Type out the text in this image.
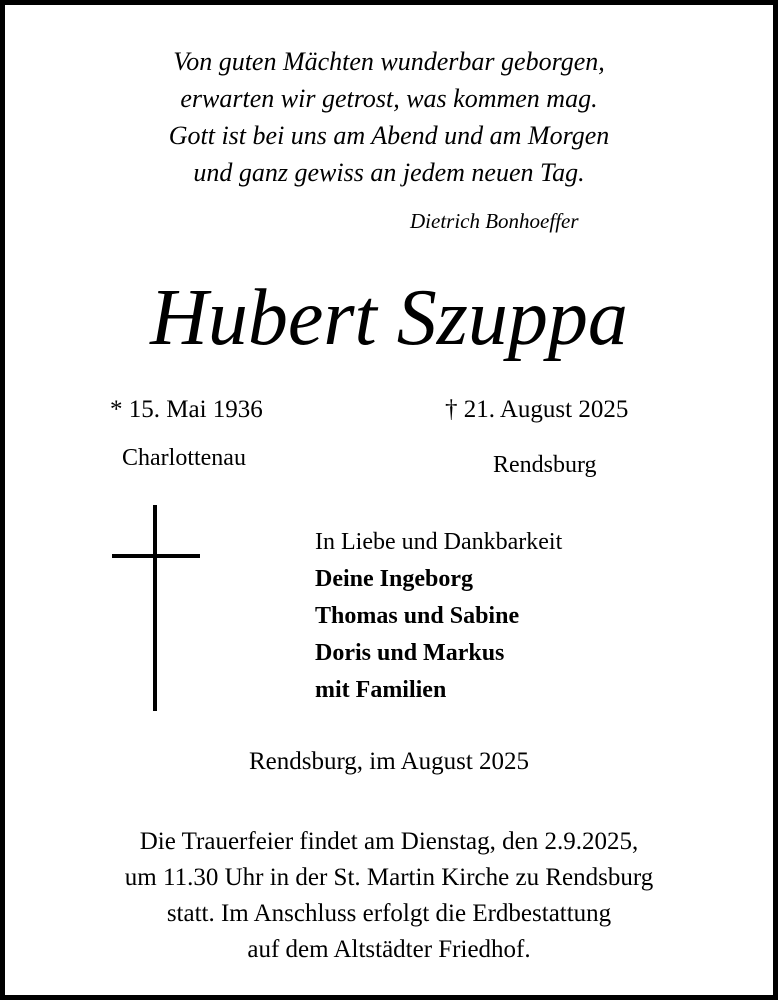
Von guten Mächten wunderbar geborgen,
erwarten wir getrost, was kommen mag.
Gott ist bei uns am Abend und am Morgen
und ganz gewiss an jedem neuen Tag.
Dietrich Bonhoeffer
Hubert Szuppa
* 15. Mai 1936
Charlottenau
† 21. August 2025
Rendsburg
In Liebe und Dankbarkeit
Deine Ingeborg
Thomas und Sabine
Doris und Markus
mit Familien
Rendsburg, im August 2025
Die Trauerfeier findet am Dienstag, den 2.9.2025,
um 11.30 Uhr in der St. Martin Kirche zu Rendsburg
statt. Im Anschluss erfolgt die Erdbestattung
auf dem Altstädter Friedhof.
